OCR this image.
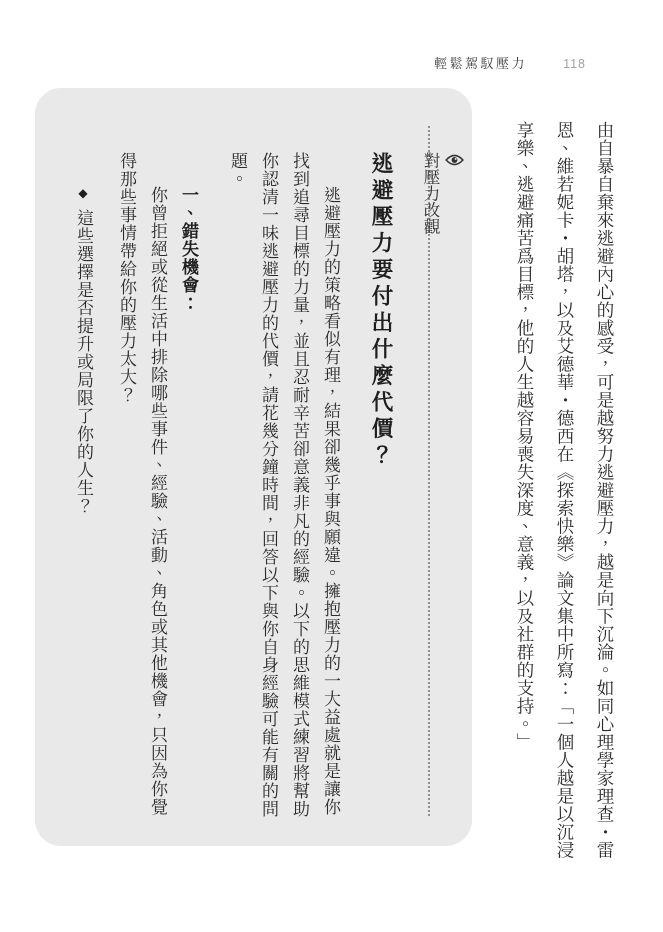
輕鬆駕馭壓力	118
由自暴自棄來逃避內心的感受，可是越努力逃避壓力，越是向下沉淪。如同心理學家理查・雷
恩、維若妮卡・胡塔，以及艾德華・德西在《探索快樂》論文集中所寫：「一個人越是以沉浸
享樂、逃避痛苦爲目標，他的人生越容易喪失深度、意義，以及社群的支持。」
對壓力改觀
逃避壓力要付出什麼代價？
逃避壓力的策略看似有理，結果卻幾乎事與願違。擁抱壓力的一大益處就是讓你
找到追尋目標的力量，並且忍耐辛苦卻意義非凡的經驗。以下的思維模式練習將幫助
你認清一味逃避壓力的代價，請花幾分鐘時間，回答以下與你自身經驗可能有關的問
題。
一、錯失機會：
你曾拒絕或從生活中排除哪些事件、經驗、活動、角色或其他機會，只因為你覺
得那些事情帶給你的壓力太大？
◆這些選擇是否提升或局限了你的人生？
